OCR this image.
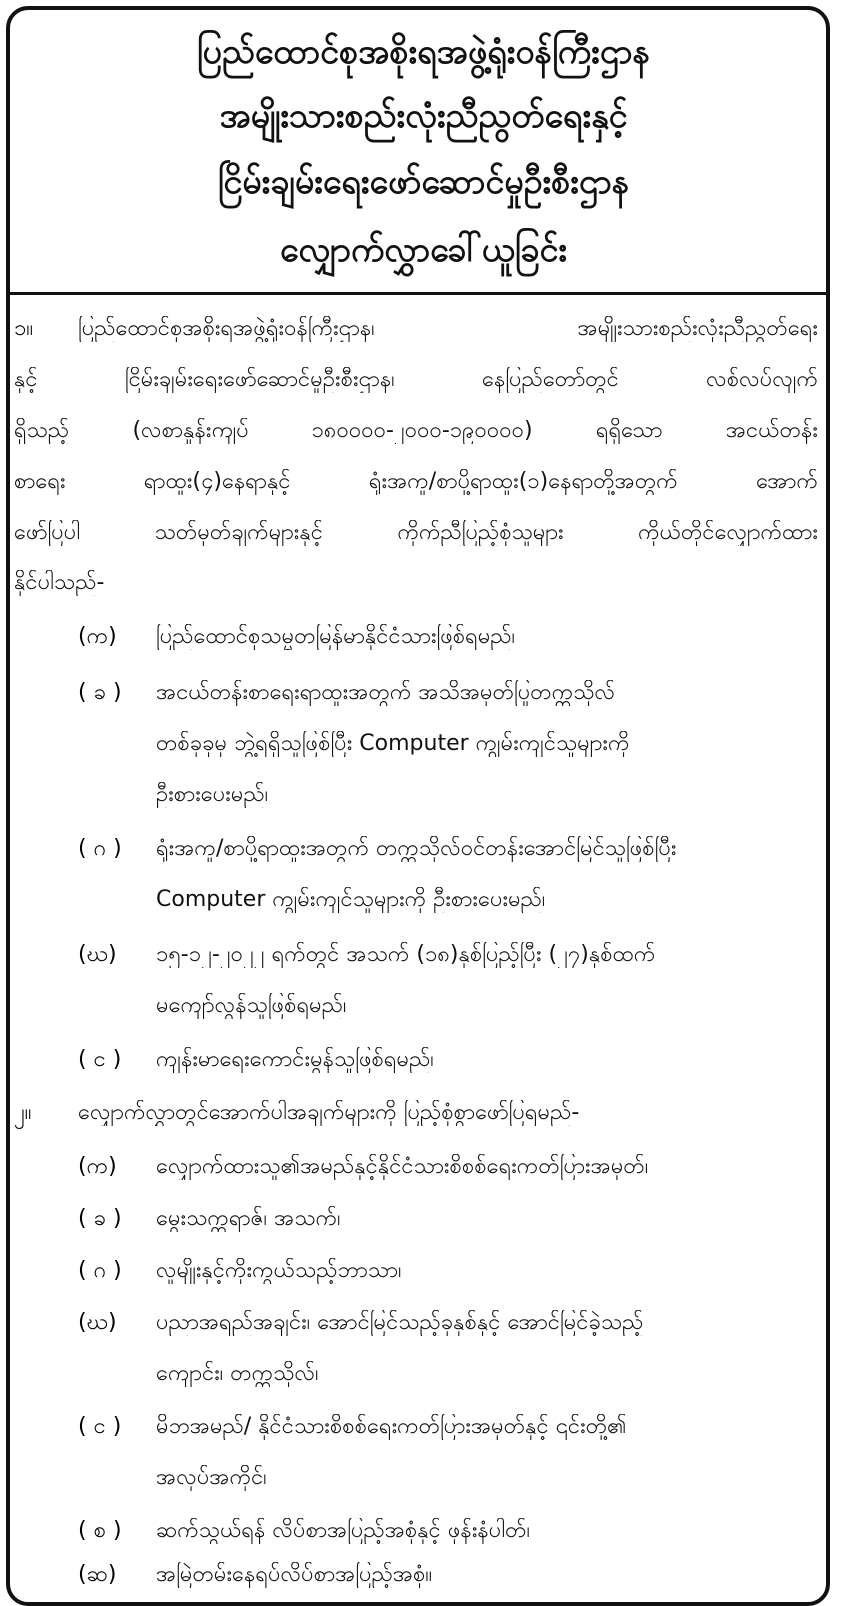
ပြည်ထောင်စုအစိုးရအဖွဲ့ရုံးဝန်ကြီးဌာန
အမျိုးသားစည်းလုံးညီညွတ်ရေးနှင့်
ငြိမ်းချမ်းရေးဖော်ဆောင်မှုဦးစီးဌာန
လျှောက်လွှာခေါ်ယူခြင်း
၁။ ပြည်ထောင်စုအစိုးရအဖွဲ့ရုံးဝန်ကြီးဌာန၊ အမျိုးသားစည်းလုံးညီညွတ်ရေး
နှင့် ငြိမ်းချမ်းရေးဖော်ဆောင်မှုဦးစီးဌာန၊ နေပြည်တော်တွင် လစ်လပ်လျက်
ရှိသည့် (လစာနှုန်းကျပ် ၁၈၀၀၀၀-၂၀၀၀-၁၉၀၀၀၀) ရရှိသော အငယ်တန်း
စာရေး ရာထူး(၄)နေရာနှင့် ရုံးအကူ/စာပို့ရာထူး(၁)နေရာတို့အတွက် အောက်
ဖော်ပြပါ သတ်မှတ်ချက်များနှင့် ကိုက်ညီပြည့်စုံသူများ ကိုယ်တိုင်လျှောက်ထား
နိုင်ပါသည်-
(က) ပြည်ထောင်စုသမ္မတမြန်မာနိုင်ငံသားဖြစ်ရမည်၊
( ခ ) အငယ်တန်းစာရေးရာထူးအတွက် အသိအမှတ်ပြုတက္ကသိုလ်
တစ်ခုခုမှ ဘွဲ့ရရှိသူဖြစ်ပြီး Computer ကျွမ်းကျင်သူများကို
ဦးစားပေးမည်၊
( ဂ ) ရုံးအကူ/စာပို့ရာထူးအတွက် တက္ကသိုလ်ဝင်တန်းအောင်မြင်သူဖြစ်ပြီး
Computer ကျွမ်းကျင်သူများကို ဦးစားပေးမည်၊
(ဃ) ၁၅-၁၂-၂၀၂၂ ရက်တွင် အသက် (၁၈)နှစ်ပြည့်ပြီး (၂၇)နှစ်ထက်
မကျော်လွန်သူဖြစ်ရမည်၊
( င ) ကျန်းမာရေးကောင်းမွန်သူဖြစ်ရမည်၊
၂။ လျှောက်လွှာတွင်အောက်ပါအချက်များကို ပြည့်စုံစွာဖော်ပြရမည်-
(က) လျှောက်ထားသူ၏အမည်နှင့်နိုင်ငံသားစိစစ်ရေးကတ်ပြားအမှတ်၊
( ခ ) မွေးသက္ကရာဇ်၊ အသက်၊
( ဂ ) လူမျိုးနှင့်ကိုးကွယ်သည့်ဘာသာ၊
(ဃ) ပညာအရည်အချင်း၊ အောင်မြင်သည့်ခုနှစ်နှင့် အောင်မြင်ခဲ့သည့်
ကျောင်း၊ တက္ကသိုလ်၊
( င ) မိဘအမည်/ နိုင်ငံသားစိစစ်ရေးကတ်ပြားအမှတ်နှင့် ၎င်းတို့၏
အလုပ်အကိုင်၊
( စ ) ဆက်သွယ်ရန် လိပ်စာအပြည့်အစုံနှင့် ဖုန်းနံပါတ်၊
(ဆ) အမြဲတမ်းနေရပ်လိပ်စာအပြည့်အစုံ။
